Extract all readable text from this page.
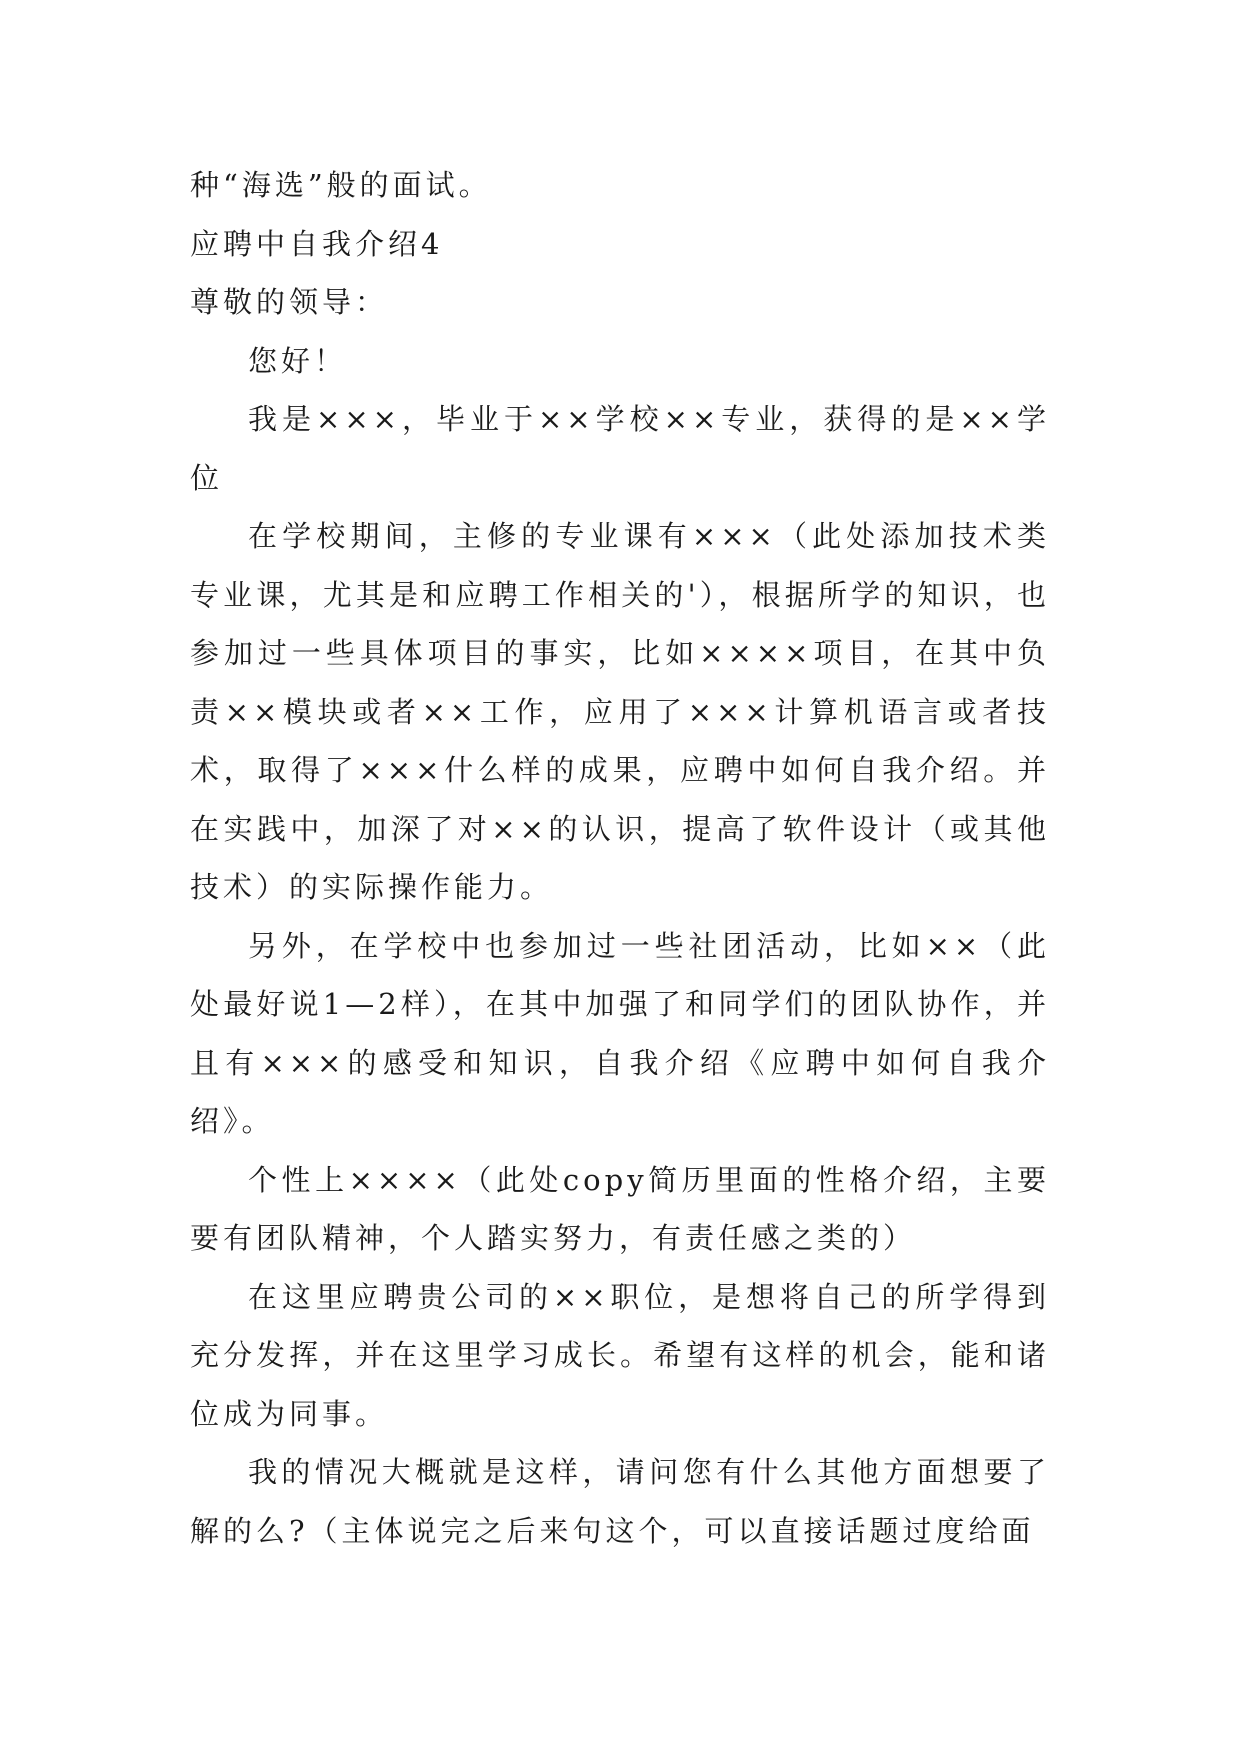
种“海选”般的面试。

应聘中自我介绍4

尊敬的领导：

您好！

我是×××，毕业于××学校××专业，获得的是××学位

在学校期间，主修的专业课有×××（此处添加技术类专业课，尤其是和应聘工作相关的'），根据所学的知识，也参加过一些具体项目的事实，比如××××项目，在其中负责××模块或者××工作，应用了×××计算机语言或者技术，取得了×××什么样的成果，应聘中如何自我介绍。并在实践中，加深了对××的认识，提高了软件设计（或其他技术）的实际操作能力。

另外，在学校中也参加过一些社团活动，比如××（此处最好说1—2样），在其中加强了和同学们的团队协作，并且有×××的感受和知识，自我介绍《应聘中如何自我介绍》。

个性上××××（此处copy简历里面的性格介绍，主要要有团队精神，个人踏实努力，有责任感之类的）

在这里应聘贵公司的××职位，是想将自己的所学得到充分发挥，并在这里学习成长。希望有这样的机会，能和诸位成为同事。

我的情况大概就是这样，请问您有什么其他方面想要了解的么?（主体说完之后来句这个，可以直接话题过度给面
